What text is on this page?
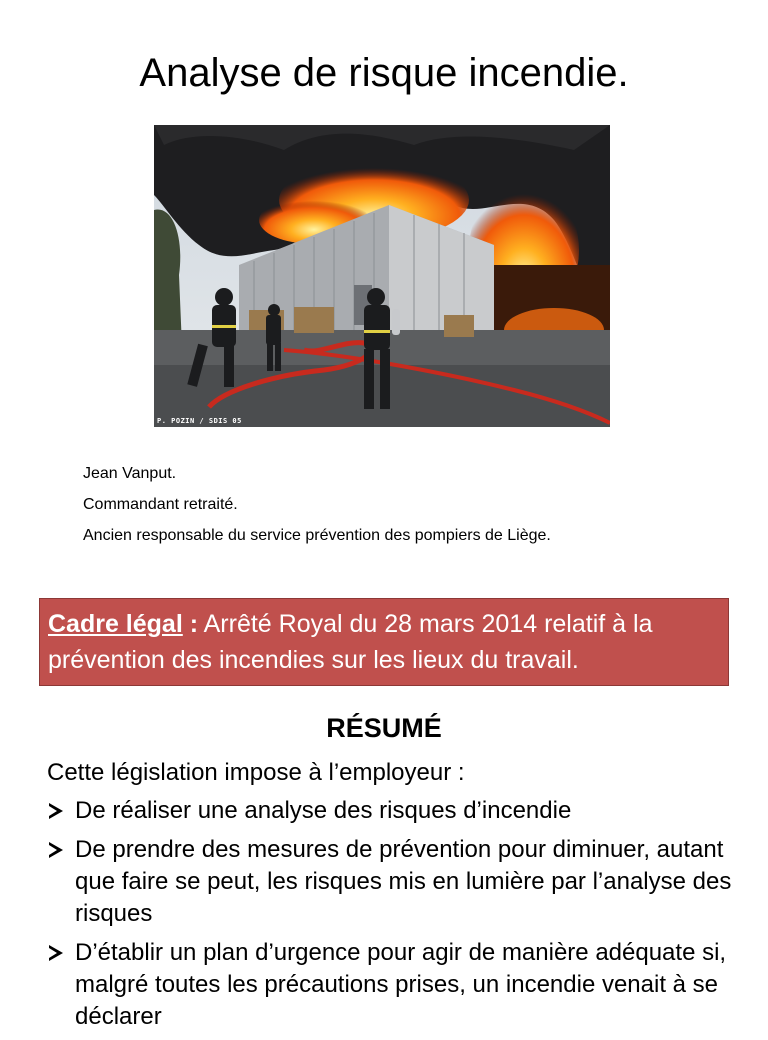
Analyse de risque incendie.
P. POZIN / SDIS 05
Jean Vanput.
Commandant retraité.
Ancien responsable du service prévention des pompiers de Liège.
Cadre légal : Arrêté Royal du 28 mars 2014 relatif à la prévention des incendies sur les lieux du travail.
RÉSUMÉ
Cette législation impose à l’employeur :
De réaliser une analyse des risques d’incendie
De prendre des mesures de prévention pour diminuer, autant que faire se peut, les risques mis en lumière par l’analyse des risques
D’établir un plan d’urgence pour agir de manière adéquate si, malgré toutes les précautions prises, un incendie venait à se déclarer
